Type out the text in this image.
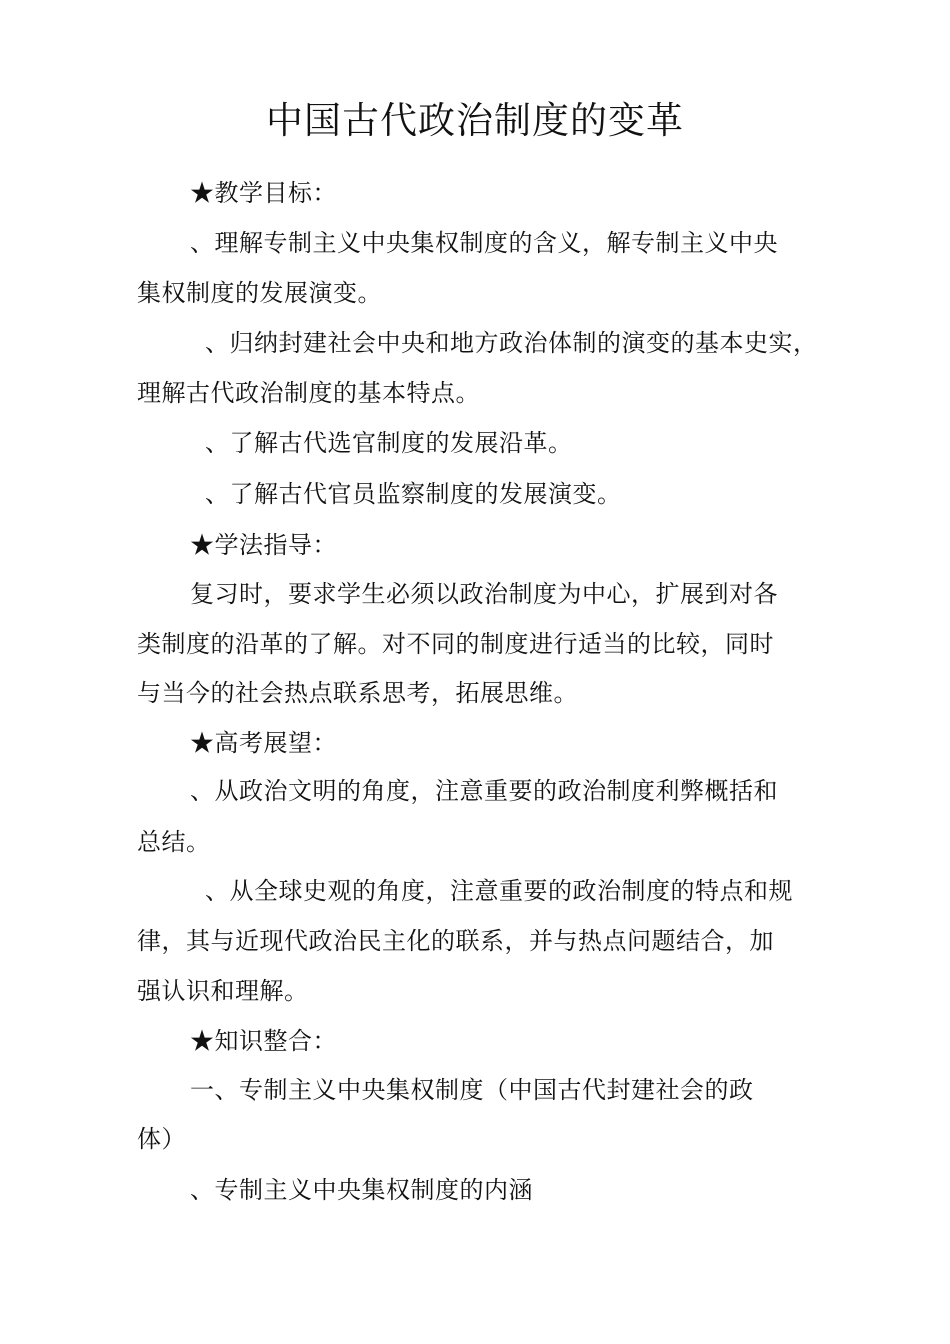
中国古代政治制度的变革
★教学目标：
、理解专制主义中央集权制度的含义，解专制主义中央
集权制度的发展演变。
、归纳封建社会中央和地方政治体制的演变的基本史实，
理解古代政治制度的基本特点。
、了解古代选官制度的发展沿革。
、了解古代官员监察制度的发展演变。
★学法指导：
复习时，要求学生必须以政治制度为中心，扩展到对各
类制度的沿革的了解。对不同的制度进行适当的比较，同时
与当今的社会热点联系思考，拓展思维。
★高考展望：
、从政治文明的角度，注意重要的政治制度利弊概括和
总结。
、从全球史观的角度，注意重要的政治制度的特点和规
律，其与近现代政治民主化的联系，并与热点问题结合，加
强认识和理解。
★知识整合：
一、专制主义中央集权制度（中国古代封建社会的政
体）
、专制主义中央集权制度的内涵
